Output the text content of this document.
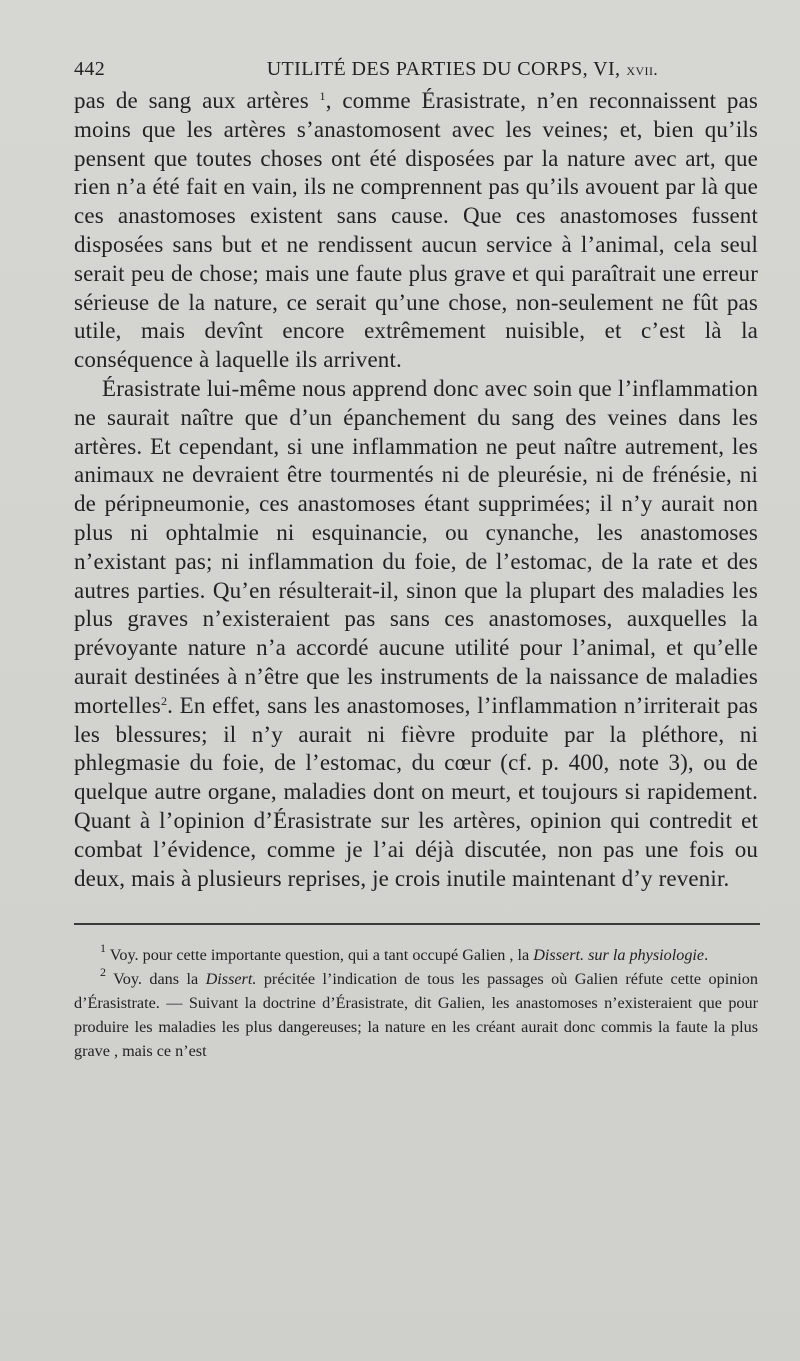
442	UTILITÉ DES PARTIES DU CORPS, VI, xvii.

pas de sang aux artères $^1$, comme Érasistrate, n’en reconnaissent pas moins que les artères s’anastomosent avec les veines; et, bien qu’ils pensent que toutes choses ont été disposées par la nature avec art, que rien n’a été fait en vain, ils ne comprennent pas qu’ils avouent par là que ces anastomoses existent sans cause. Que ces anastomoses fussent disposées sans but et ne rendissent aucun service à l’animal, cela seul serait peu de chose; mais une faute plus grave et qui paraîtrait une erreur sérieuse de la nature, ce serait qu’une chose, non-seulement ne fût pas utile, mais devînt encore extrêmement nuisible, et c’est là la conséquence à laquelle ils arrivent.

Érasistrate lui-même nous apprend donc avec soin que l’inflammation ne saurait naître que d’un épanchement du sang des veines dans les artères. Et cependant, si une inflammation ne peut naître autrement, les animaux ne devraient être tourmentés ni de pleurésie, ni de frénésie, ni de péripneumonie, ces anastomoses étant supprimées; il n’y aurait non plus ni ophtalmie ni esquinancie, ou cynanche, les anastomoses n’existant pas; ni inflammation du foie, de l’estomac, de la rate et des autres parties. Qu’en résulterait-il, sinon que la plupart des maladies les plus graves n’existeraient pas sans ces anastomoses, auxquelles la prévoyante nature n’a accordé aucune utilité pour l’animal, et qu’elle aurait destinées à n’être que les instruments de la naissance de maladies mortelles$^2$. En effet, sans les anastomoses, l’inflammation n’irriterait pas les blessures; il n’y aurait ni fièvre produite par la pléthore, ni phlegmasie du foie, de l’estomac, du cœur (cf. p. 400, note 3), ou de quelque autre organe, maladies dont on meurt, et toujours si rapidement. Quant à l’opinion d’Érasistrate sur les artères, opinion qui contredit et combat l’évidence, comme je l’ai déjà discutée, non pas une fois ou deux, mais à plusieurs reprises, je crois inutile maintenant d’y revenir.

$^1$ Voy. pour cette importante question, qui a tant occupé Galien , la Dissert. sur la physiologie.

$^2$ Voy. dans la Dissert. précitée l’indication de tous les passages où Galien réfute cette opinion d’Érasistrate. — Suivant la doctrine d’Érasistrate, dit Galien, les anastomoses n’existeraient que pour produire les maladies les plus dangereuses; la nature en les créant aurait donc commis la faute la plus grave , mais ce n’est
